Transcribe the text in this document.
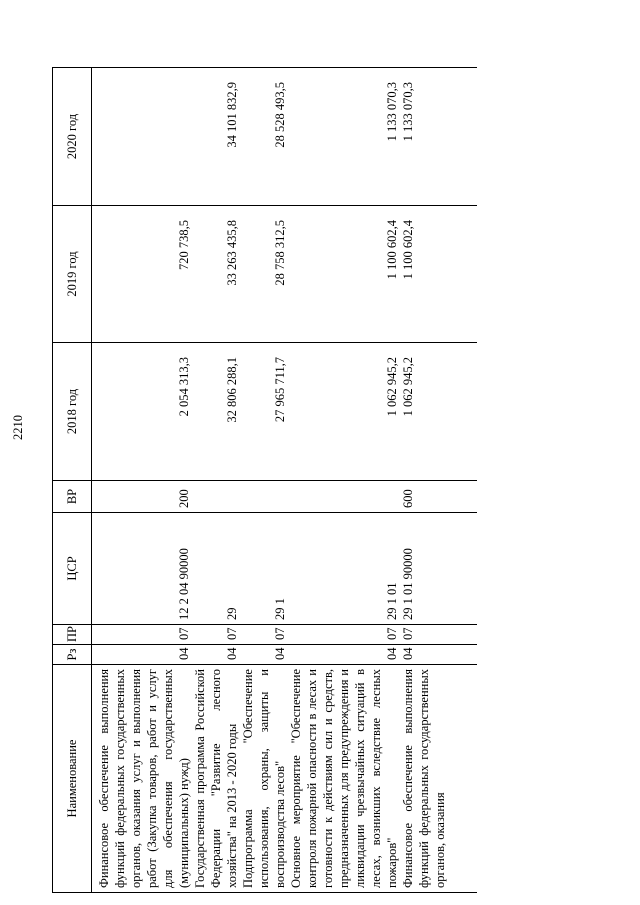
2210
Наименование	Рз	ПР	ЦСР	ВР	2018 год	2019 год	2020 год
Финансовое обеспечение выполнения функций федеральных государственных органов, оказания услуг и выполнения работ (Закупка товаров, работ и услуг для обеспечения государственных (муниципальных) нужд)	04	07	12 2 04 90000	200	2 054 313,3	720 738,5	
Государственная программа Российской Федерации "Развитие лесного хозяйства" на 2013 - 2020 годы	04	07	29		32 806 288,1	33 263 435,8	34 101 832,9
Подпрограмма "Обеспечение использования, охраны, защиты и воспроизводства лесов"	04	07	29 1		27 965 711,7	28 758 312,5	28 528 493,5
Основное мероприятие "Обеспечение контроля пожарной опасности в лесах и готовности к действиям сил и средств, предназначенных для предупреждения и ликвидации чрезвычайных ситуаций в лесах, возникших вследствие лесных пожаров"	04	07	29 1 01		1 062 945,2	1 100 602,4	1 133 070,3
Финансовое обеспечение выполнения функций федеральных государственных органов, оказания	04	07	29 1 01 90000	600	1 062 945,2	1 100 602,4	1 133 070,3
